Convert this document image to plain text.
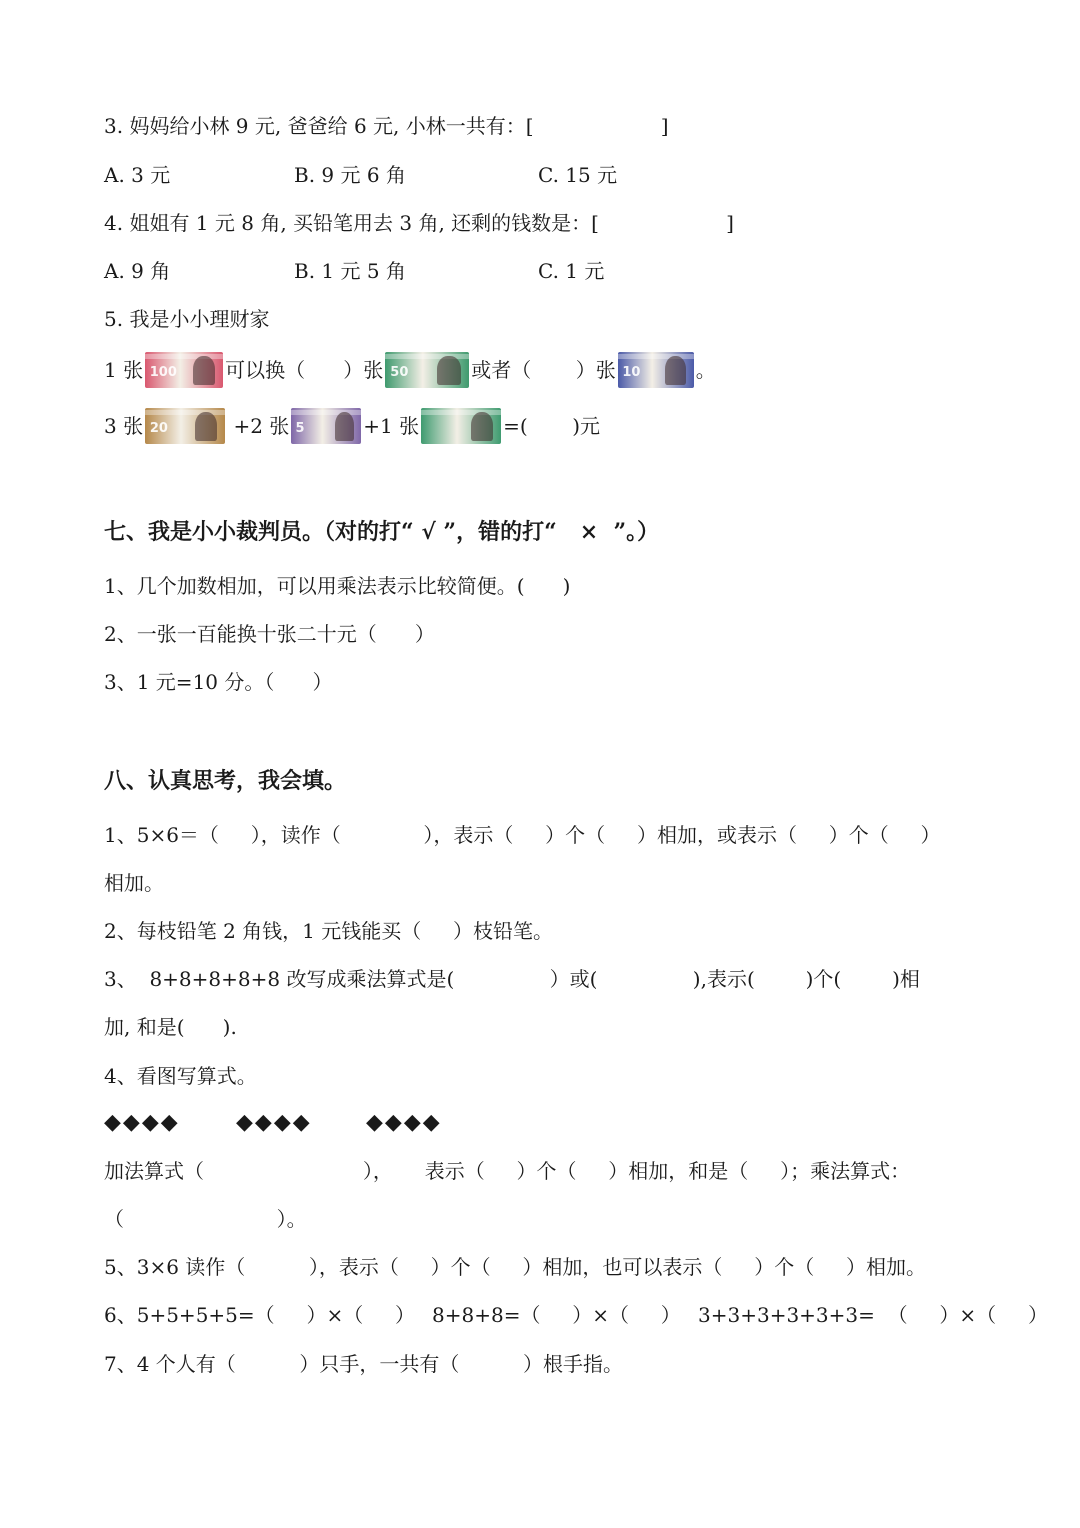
3. 妈妈给小林 9 元, 爸爸给 6 元, 小林一共有：[                    ]
A. 3 元	B. 9 元 6 角	C. 15 元
4. 姐姐有 1 元 8 角, 买铅笔用去 3 角, 还剩的钱数是：[                    ]
A. 9 角	B. 1 元 5 角	C. 1 元
5. 我是小小理财家
1 张 100 可以换（      ）张 50	或者（       ）张 10	。
3 张 20	+2 张 5	+1 张	=(       )元
七、我是小小裁判员。（对的打“ √ ”，错的打“   ×  ”。）
1、几个加数相加，可以用乘法表示比较简便。(      )
2、一张一百能换十张二十元（      ）
3、1 元=10 分。（      ）
八、认真思考，我会填。
1、5×6＝（     ），读作（             ），表示（     ）个（     ）相加，或表示（     ）个（     ）
相加。
2、每枝铅笔 2 角钱，1 元钱能买（     ）枝铅笔。
3、  8+8+8+8+8 改写成乘法算式是(               ）或(               ),表示(        )个(        )相
加, 和是(      ).
4、看图写算式。
◆◆◆◆	◆◆◆◆ ◆◆◆◆
加法算式（                         ），     表示（     ）个（     ）相加，和是（     ）；乘法算式：
（                        ）。
5、3×6 读作（          ），表示（     ）个（     ）相加，也可以表示（     ）个（     ）相加。
6、5+5+5+5=（     ）×（     ） 8+8+8=（     ）×（     ） 3+3+3+3+3+3=  （     ）×（     ）
7、4 个人有（          ）只手，一共有（          ）根手指。
